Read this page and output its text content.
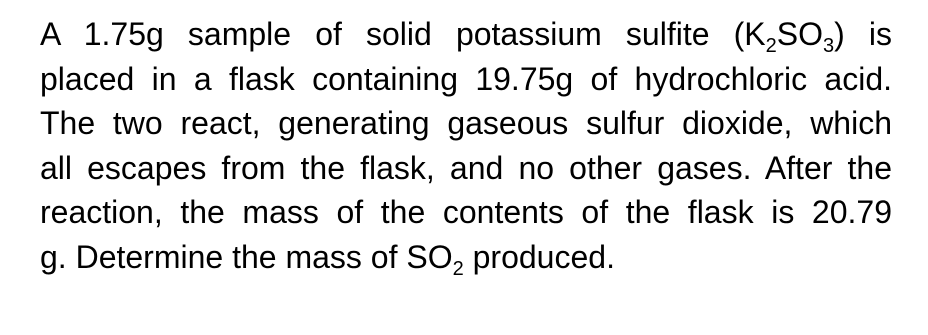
A 1.75g sample of solid potassium sulfite $(K_2SO_3)$ is
placed in a flask containing 19.75g of hydrochloric acid.
The two react, generating gaseous sulfur dioxide, which
all escapes from the flask, and no other gases. After the
reaction, the mass of the contents of the flask is 20.79
g. Determine the mass of $SO_2$ produced.
